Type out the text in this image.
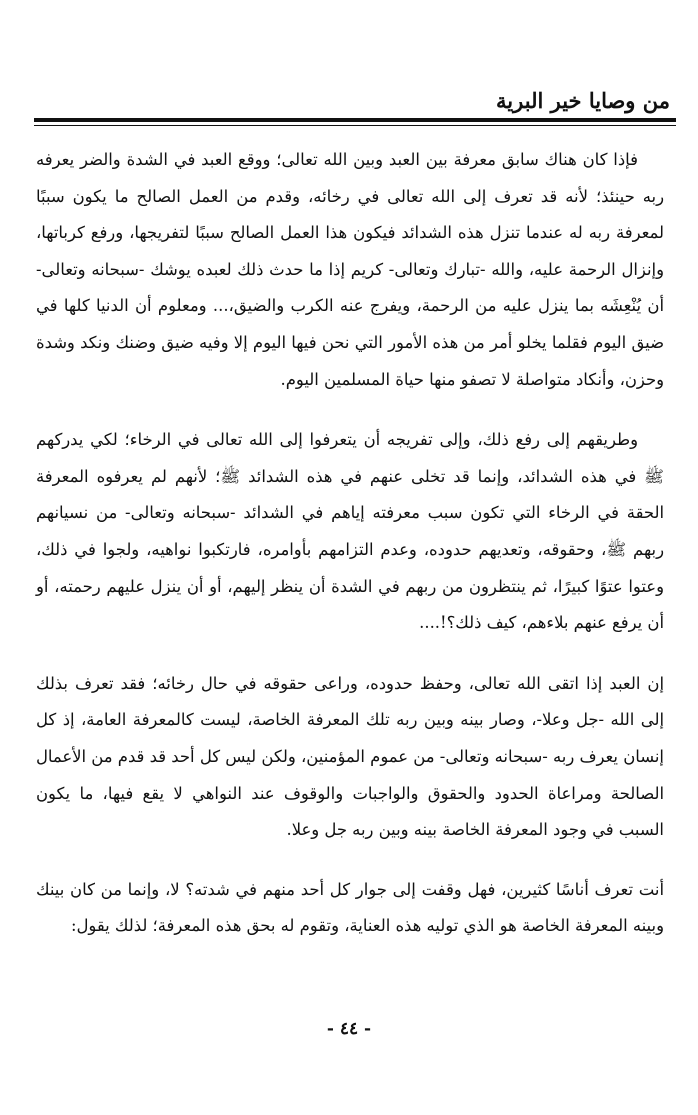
من وصايا خير البرية

فإذا كان هناك سابق معرفة بين العبد وبين الله تعالى؛ ووقع العبد في الشدة والضر يعرفه ربه حينئذ؛ لأنه قد تعرف إلى الله تعالى في رخائه، وقدم من العمل الصالح ما يكون سببًا لمعرفة ربه له عندما تنزل هذه الشدائد فيكون هذا العمل الصالح سببًا لتفريجها، ورفع كرباتها، وإنزال الرحمة عليه، والله -تبارك وتعالى- كريم إذا ما حدث ذلك لعبده يوشك -سبحانه وتعالى- أن يُنْعِشَه بما ينزل عليه من الرحمة، ويفرج عنه الكرب والضيق،... ومعلوم أن الدنيا كلها في ضيق اليوم فقلما يخلو أمر من هذه الأمور التي نحن فيها اليوم إلا وفيه ضيق وضنك ونكد وشدة وحزن، وأنكاد متواصلة لا تصفو منها حياة المسلمين اليوم.

وطريقهم إلى رفع ذلك، وإلى تفريجه أن يتعرفوا إلى الله تعالى في الرخاء؛ لكي يدركهم ﷺ في هذه الشدائد، وإنما قد تخلى عنهم في هذه الشدائد ﷺ؛ لأنهم لم يعرفوه المعرفة الحقة في الرخاء التي تكون سبب معرفته إياهم في الشدائد -سبحانه وتعالى- من نسيانهم ربهم ﷺ، وحقوقه، وتعديهم حدوده، وعدم التزامهم بأوامره، فارتكبوا نواهيه، ولجوا في ذلك، وعتوا عتوًا كبيرًا، ثم ينتظرون من ربهم في الشدة أن ينظر إليهم، أو أن ينزل عليهم رحمته، أو أن يرفع عنهم بلاءهم، كيف ذلك؟!....

إن العبد إذا اتقى الله تعالى، وحفظ حدوده، وراعى حقوقه في حال رخائه؛ فقد تعرف بذلك إلى الله -جل وعلا-، وصار بينه وبين ربه تلك المعرفة الخاصة، ليست كالمعرفة العامة، إذ كل إنسان يعرف ربه -سبحانه وتعالى- من عموم المؤمنين، ولكن ليس كل أحد قد قدم من الأعمال الصالحة ومراعاة الحدود والحقوق والواجبات والوقوف عند النواهي لا يقع فيها، ما يكون السبب في وجود المعرفة الخاصة بينه وبين ربه جل وعلا.

أنت تعرف أناسًا كثيرين، فهل وقفت إلى جوار كل أحد منهم في شدته؟ لا، وإنما من كان بينك وبينه المعرفة الخاصة هو الذي توليه هذه العناية، وتقوم له بحق هذه المعرفة؛ لذلك يقول:

- ٤٤ -
